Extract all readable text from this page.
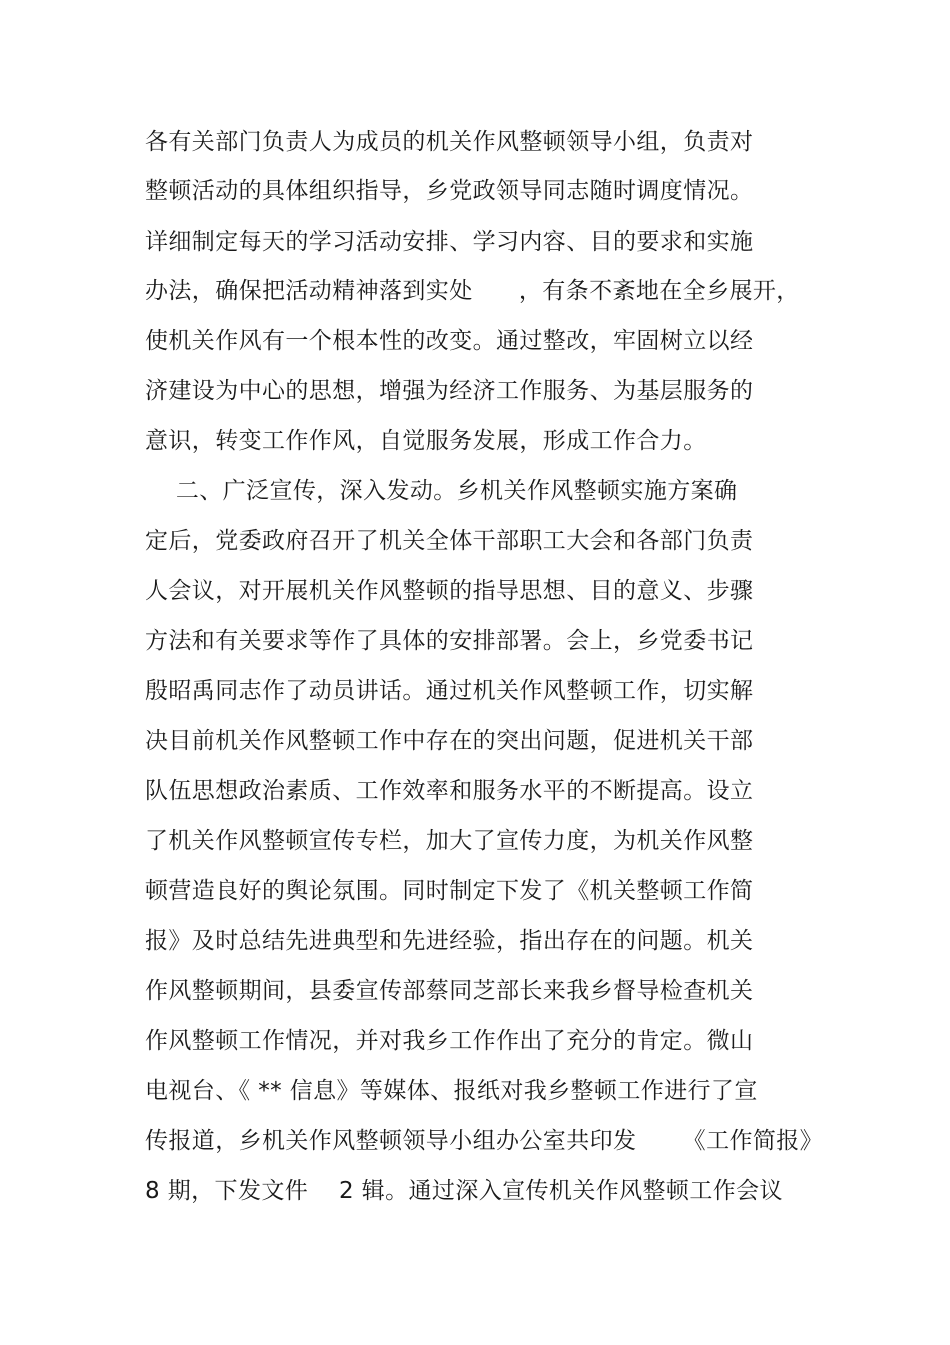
各有关部门负责人为成员的机关作风整顿领导小组，负责对
整顿活动的具体组织指导，乡党政领导同志随时调度情况。
详细制定每天的学习活动安排、学习内容、目的要求和实施
办法，确保把活动精神落到实处      ，有条不紊地在全乡展开，
使机关作风有一个根本性的改变。通过整改，牢固树立以经
济建设为中心的思想，增强为经济工作服务、为基层服务的
意识，转变工作作风，自觉服务发展，形成工作合力。
二、广泛宣传，深入发动。乡机关作风整顿实施方案确
定后，党委政府召开了机关全体干部职工大会和各部门负责
人会议，对开展机关作风整顿的指导思想、目的意义、步骤
方法和有关要求等作了具体的安排部署。会上，乡党委书记
殷昭禹同志作了动员讲话。通过机关作风整顿工作，切实解
决目前机关作风整顿工作中存在的突出问题，促进机关干部
队伍思想政治素质、工作效率和服务水平的不断提高。设立
了机关作风整顿宣传专栏，加大了宣传力度，为机关作风整
顿营造良好的舆论氛围。同时制定下发了《机关整顿工作简
报》及时总结先进典型和先进经验，指出存在的问题。机关
作风整顿期间，县委宣传部蔡同芝部长来我乡督导检查机关
作风整顿工作情况，并对我乡工作作出了充分的肯定。微山
电视台、《 ** 信息》等媒体、报纸对我乡整顿工作进行了宣
传报道，乡机关作风整顿领导小组办公室共印发      《工作简报》
8 期，下发文件    2 辑。通过深入宣传机关作风整顿工作会议
